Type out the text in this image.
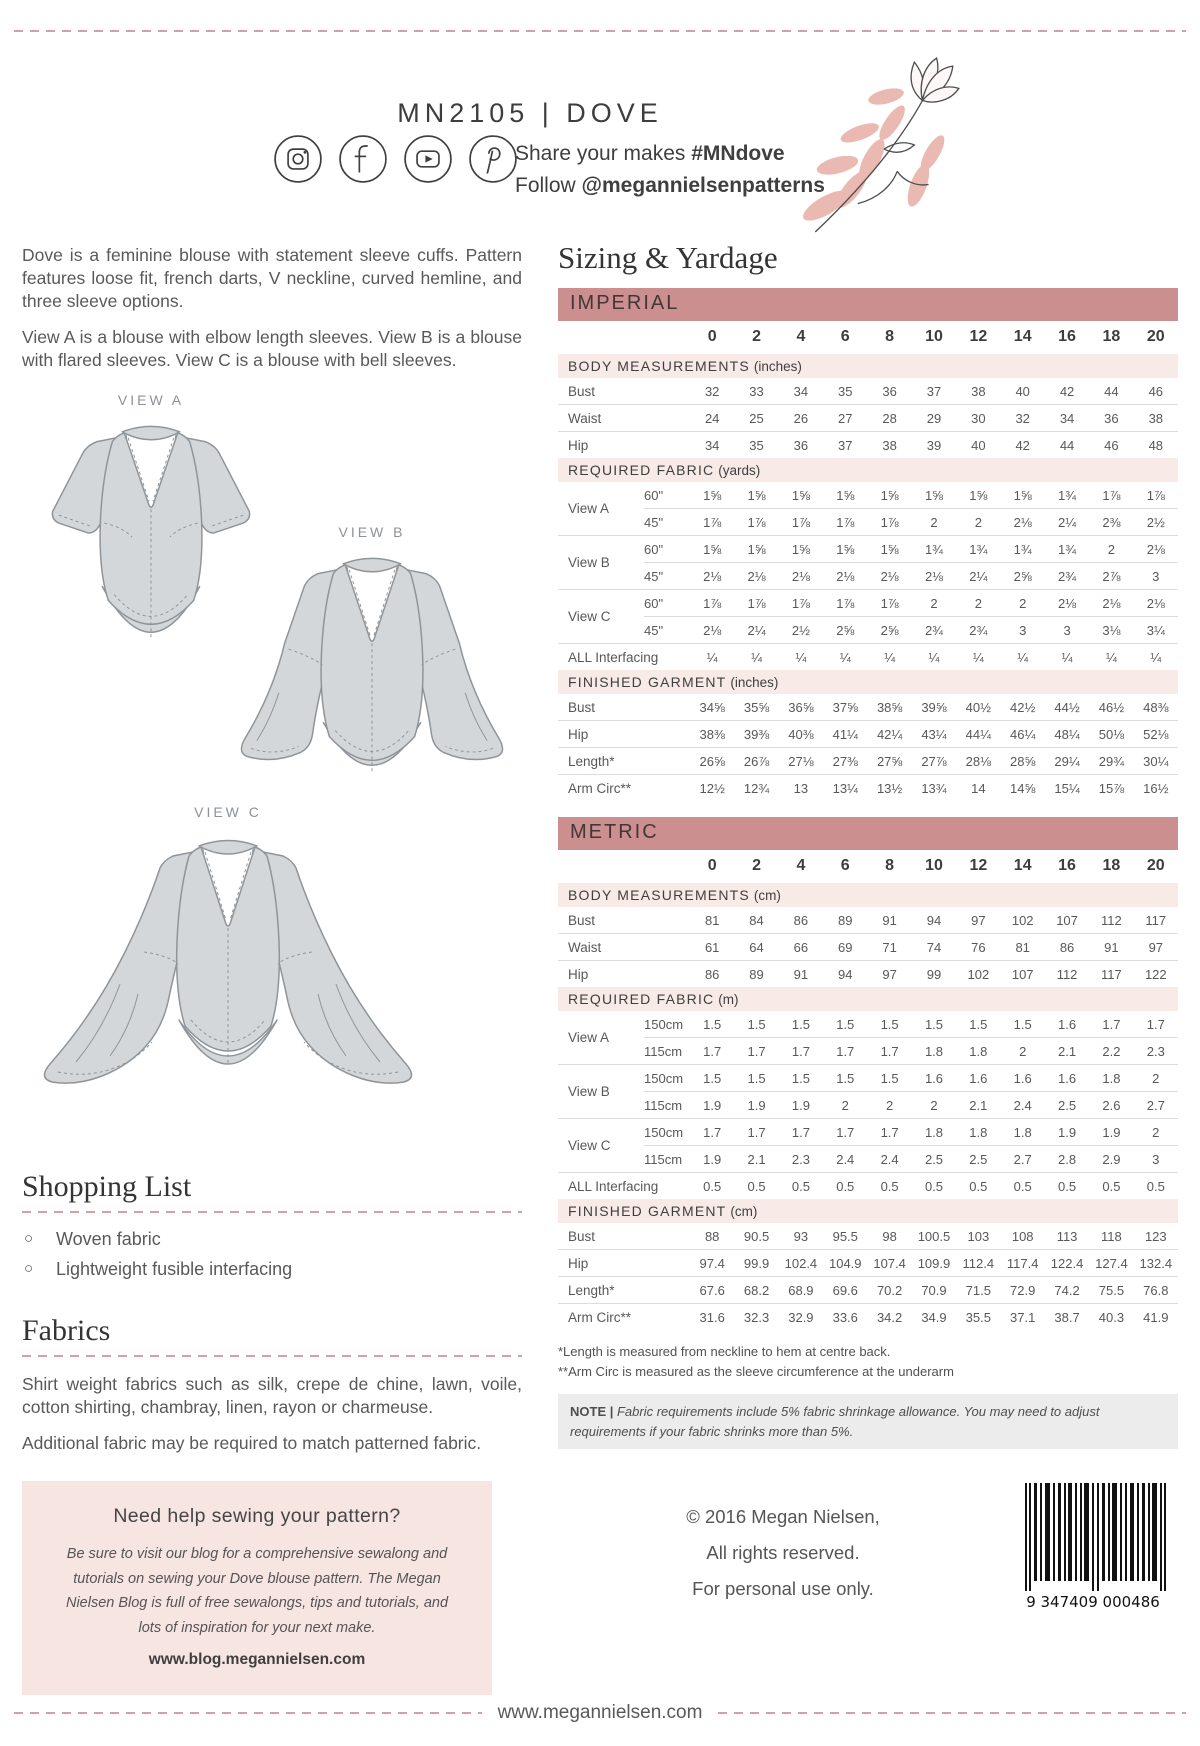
MN2105 | DOVE
Share your makes #MNdove
Follow @megannielsenpatterns

Dove is a feminine blouse with statement sleeve cuffs. Pattern features loose fit, french darts, V neckline, curved hemline, and three sleeve options.

View A is a blouse with elbow length sleeves. View B is a blouse with flared sleeves. View C is a blouse with bell sleeves.

VIEW A
VIEW B
VIEW C
Shopping List
○ Woven fabric
○ Lightweight fusible interfacing
Fabrics

Shirt weight fabrics such as silk, crepe de chine, lawn, voile, cotton shirting, chambray, linen, rayon or charmeuse.

Additional fabric may be required to match patterned fabric.

Need help sewing your pattern?
Be sure to visit our blog for a comprehensive sewalong and tutorials on sewing your Dove blouse pattern. The Megan Nielsen Blog is full of free sewalongs, tips and tutorials, and lots of inspiration for your next make.
www.blog.megannielsen.com
Sizing & Yardage
IMPERIAL
		0	2	4	6	8	10	12	14	16	18	20
BODY MEASUREMENTS (inches)												
Bust		32	33	34	35	36	37	38	40	42	44	46
Waist		24	25	26	27	28	29	30	32	34	36	38
Hip		34	35	36	37	38	39	40	42	44	46	48
REQUIRED FABRIC (yards)												
View A	60"	1⅝	1⅝	1⅝	1⅝	1⅝	1⅝	1⅝	1⅝	1¾	1⅞	1⅞
	45"	1⅞	1⅞	1⅞	1⅞	1⅞	2	2	2⅛	2¼	2⅜	2½
View B	60"	1⅝	1⅝	1⅝	1⅝	1⅝	1¾	1¾	1¾	1¾	2	2⅛
	45"	2⅛	2⅛	2⅛	2⅛	2⅛	2⅛	2¼	2⅝	2¾	2⅞	3
View C	60"	1⅞	1⅞	1⅞	1⅞	1⅞	2	2	2	2⅛	2⅛	2⅛
	45"	2⅛	2¼	2½	2⅝	2⅝	2¾	2¾	3	3	3⅛	3¼
ALL Interfacing		¼	¼	¼	¼	¼	¼	¼	¼	¼	¼	¼
FINISHED GARMENT (inches)												
Bust		34⅝	35⅝	36⅝	37⅝	38⅝	39⅝	40½	42½	44½	46½	48⅜
Hip		38⅜	39⅜	40⅜	41¼	42¼	43¼	44¼	46¼	48¼	50⅛	52⅛
Length*		26⅝	26⅞	27⅛	27⅜	27⅝	27⅞	28⅛	28⅝	29¼	29¾	30¼
Arm Circ**		12½	12¾	13	13¼	13½	13¾	14	14⅝	15¼	15⅞	16½
METRIC
		0	2	4	6	8	10	12	14	16	18	20
BODY MEASUREMENTS (cm)												
Bust		81	84	86	89	91	94	97	102	107	112	117
Waist		61	64	66	69	71	74	76	81	86	91	97
Hip		86	89	91	94	97	99	102	107	112	117	122
REQUIRED FABRIC (m)												
View A	150cm	1.5	1.5	1.5	1.5	1.5	1.5	1.5	1.5	1.6	1.7	1.7
	115cm	1.7	1.7	1.7	1.7	1.7	1.8	1.8	2	2.1	2.2	2.3
View B	150cm	1.5	1.5	1.5	1.5	1.5	1.6	1.6	1.6	1.6	1.8	2
	115cm	1.9	1.9	1.9	2	2	2	2.1	2.4	2.5	2.6	2.7
View C	150cm	1.7	1.7	1.7	1.7	1.7	1.8	1.8	1.8	1.9	1.9	2
	115cm	1.9	2.1	2.3	2.4	2.4	2.5	2.5	2.7	2.8	2.9	3
ALL Interfacing		0.5	0.5	0.5	0.5	0.5	0.5	0.5	0.5	0.5	0.5	0.5
FINISHED GARMENT (cm)												
Bust		88	90.5	93	95.5	98	100.5	103	108	113	118	123
Hip		97.4	99.9	102.4	104.9	107.4	109.9	112.4	117.4	122.4	127.4	132.4
Length*		67.6	68.2	68.9	69.6	70.2	70.9	71.5	72.9	74.2	75.5	76.8
Arm Circ**		31.6	32.3	32.9	33.6	34.2	34.9	35.5	37.1	38.7	40.3	41.9
*Length is measured from neckline to hem at centre back.
**Arm Circ is measured as the sleeve circumference at the underarm
NOTE | Fabric requirements include 5% fabric shrinkage allowance. You may need to adjust requirements if your fabric shrinks more than 5%.
© 2016 Megan Nielsen,
All rights reserved.
For personal use only.
9 347409 000486
www.megannielsen.com
